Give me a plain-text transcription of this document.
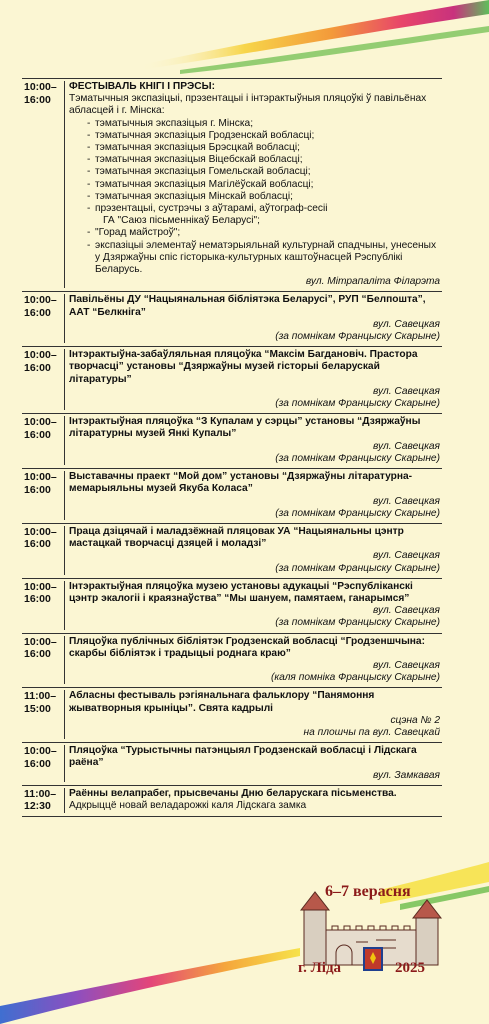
10:00–
16:00
ФЕСТЫВАЛЬ КНІГІ І ПРЭСЫ:
Тэматычныя экспазіцыі, прэзентацыі і інтэрактыўныя пляцоўкі ў павільёнах абласцей і г. Мінска:
- тэматычныя экспазіцыя г. Мінска;
- тэматычная экспазіцыя Гродзенскай вобласці;
- тэматычная экспазіцыя Брэсцкай вобласці;
- тэматычная экспазіцыя Віцебскай вобласці;
- тэматычная экспазіцыя Гомельскай вобласці;
- тэматычная экспазіцыя Магілёўскай вобласці;
- тэматычная экспазіцыя Мінскай вобласці;
- прэзентацыі, сустрэчы з аўтарамі, аўтограф-сесіі
ГА "Саюз пісьменнікаў Беларусі";
- "Горад майстроў";
- экспазіцыі элементаў нематэрыяльнай культурнай спадчыны, унесеных у Дзяржаўны спіс гісторыка-культурных каштоўнасцей Рэспублікі Беларусь.
вул. Мітрапаліта Філарэта
10:00–
16:00
Павільёны ДУ “Нацыянальная бібліятэка Беларусі”, РУП “Белпошта”, ААТ “Белкніга”
вул. Савецкая
(за помнікам Францыску Скарыне)
10:00–
16:00
Інтэрактыўна-забаўляльная пляцоўка “Максім Багдановіч. Прастора творчасці” установы “Дзяржаўны музей гісторыі беларускай літаратуры”
вул. Савецкая
(за помнікам Францыску Скарыне)
10:00–
16:00
Інтэрактыўная пляцоўка “З Купалам у сэрцы” установы “Дзяржаўны літаратурны музей Янкі Купалы”
вул. Савецкая
(за помнікам Францыску Скарыне)
10:00–
16:00
Выставачны праект “Мой дом” установы “Дзяржаўны літаратурна-мемарыяльны музей Якуба Коласа”
вул. Савецкая
(за помнікам Францыску Скарыне)
10:00–
16:00
Праца дзіцячай і маладзёжнай пляцовак УА “Нацыянальны цэнтр мастацкай творчасці дзяцей і моладзі”
вул. Савецкая
(за помнікам Францыску Скарыне)
10:00–
16:00
Інтэрактыўная пляцоўка музею установы адукацыі “Рэспубліканскі цэнтр экалогіі і краязнаўства” “Мы шануем, памятаем, ганарымся”
вул. Савецкая
(за помнікам Францыску Скарыне)
10:00–
16:00
Пляцоўка публічных бібліятэк Гродзенскай вобласці “Гродзеншчына: скарбы бібліятэк і традыцыі роднага краю”
вул. Савецкая
(каля помніка Францыску Скарыне)
11:00–
15:00
Абласны фестываль рэгіянальнага фальклору “Панямоння жыватворныя крыніцы”. Свята кадрылі
сцэна № 2
на плошчы па вул. Савецкай
10:00–
16:00
Пляцоўка “Турыстычны патэнцыял Гродзенскай вобласці і Лідскага раёна”
вул. Замкавая
11:00–
12:30
Раённы велапрабег, прысвечаны Дню беларускага пісьменства.
Адкрыццё новай веладарожкі каля Лідскага замка
6–7 верасня
г. Ліда	2025
